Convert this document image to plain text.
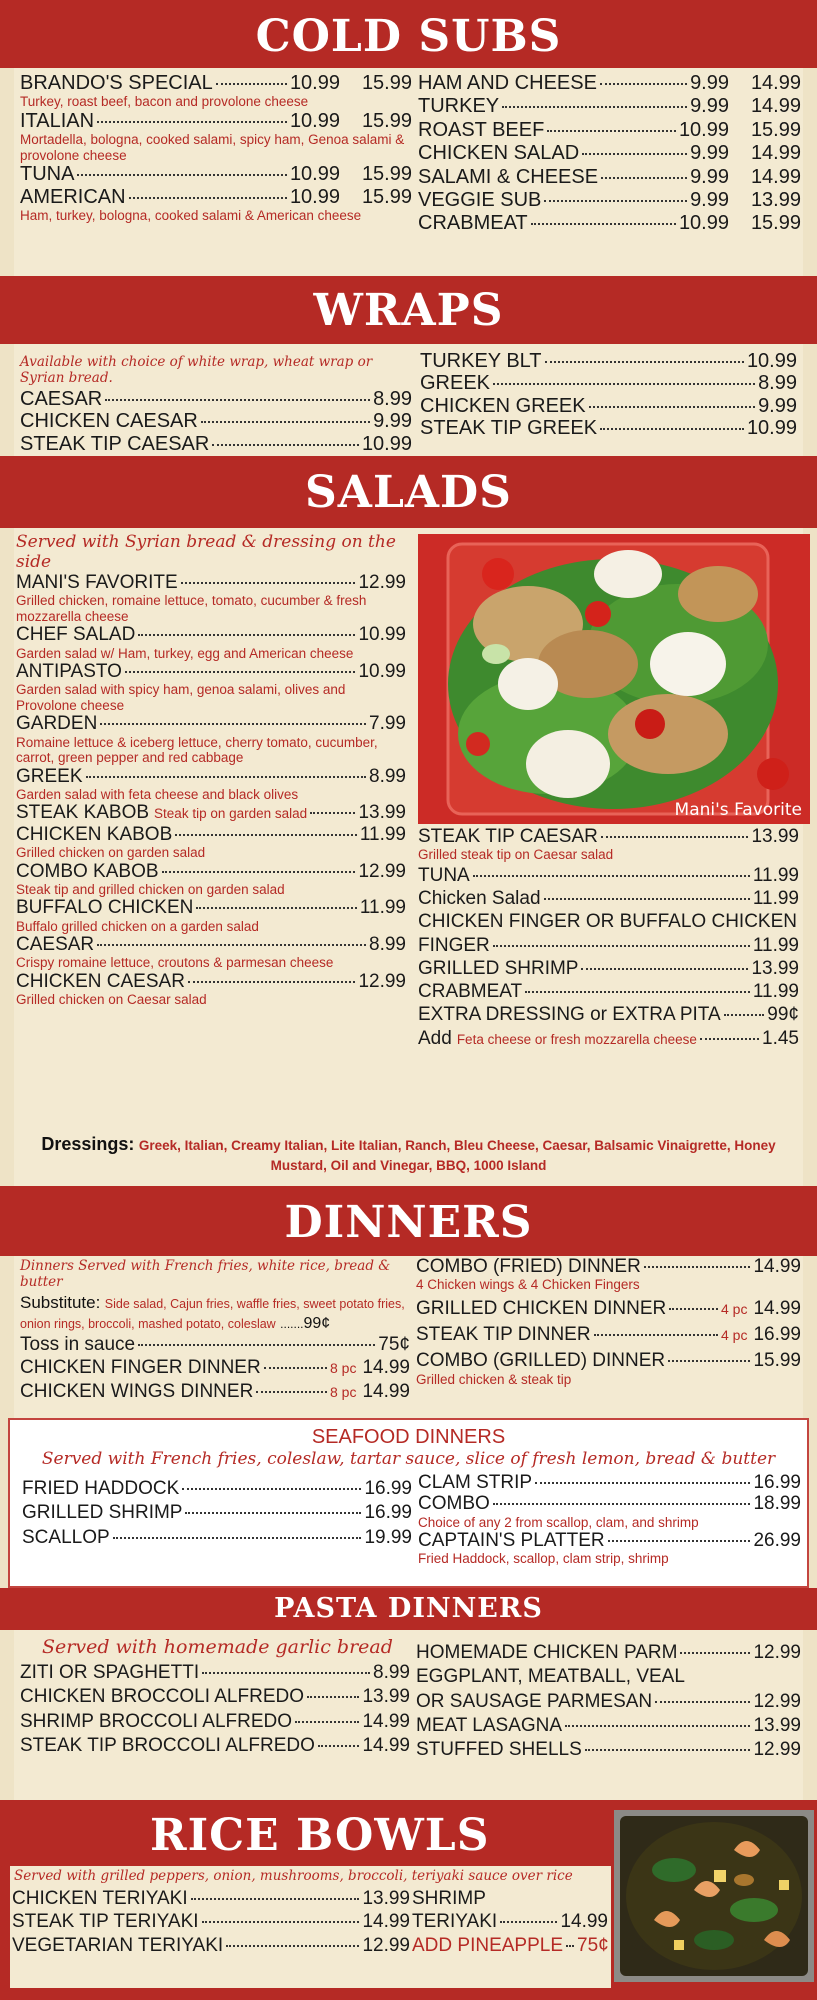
COLD SUBS
BRANDO'S SPECIAL	10.99	15.99
Turkey, roast beef, bacon and provolone cheese
ITALIAN	10.99	15.99
Mortadella, bologna, cooked salami, spicy ham, Genoa salami & provolone cheese
TUNA	10.99	15.99
AMERICAN	10.99	15.99
Ham, turkey, bologna, cooked salami & American cheese
HAM AND CHEESE	9.99	14.99
TURKEY	9.99	14.99
ROAST BEEF	10.99	15.99
CHICKEN SALAD	9.99	14.99
SALAMI & CHEESE	9.99	14.99
VEGGIE SUB	9.99	13.99
CRABMEAT	10.99	15.99
WRAPS
Available with choice of white wrap, wheat wrap or Syrian bread.
CAESAR	8.99
CHICKEN CAESAR	9.99
STEAK TIP CAESAR	10.99
TURKEY BLT	10.99
GREEK	8.99
CHICKEN GREEK	9.99
STEAK TIP GREEK	10.99
SALADS
Served with Syrian bread & dressing on the side
MANI'S FAVORITE	12.99
Grilled chicken, romaine lettuce, tomato, cucumber & fresh mozzarella cheese
CHEF SALAD	10.99
Garden salad w/ Ham, turkey, egg and American cheese
ANTIPASTO	10.99
Garden salad with spicy ham, genoa salami, olives and Provolone cheese
GARDEN	7.99
Romaine lettuce & iceberg lettuce, cherry tomato, cucumber, carrot, green pepper and red cabbage
GREEK	8.99
Garden salad with feta cheese and black olives
STEAK KABOB Steak tip on garden salad	13.99
CHICKEN KABOB	11.99
Grilled chicken on garden salad
COMBO KABOB	12.99
Steak tip and grilled chicken on garden salad
BUFFALO CHICKEN	11.99
Buffalo grilled chicken on a garden salad
CAESAR	8.99
Crispy romaine lettuce, croutons & parmesan cheese
CHICKEN CAESAR	12.99
Grilled chicken on Caesar salad
Mani's Favorite
STEAK TIP CAESAR	13.99
Grilled steak tip on Caesar salad
TUNA	11.99
Chicken Salad	11.99
CHICKEN FINGER OR BUFFALO CHICKEN
FINGER	11.99
GRILLED SHRIMP	13.99
CRABMEAT	11.99
EXTRA DRESSING or EXTRA PITA 99¢
Add Feta cheese or fresh mozzarella cheese	1.45
Dressings: Greek, Italian, Creamy Italian, Lite Italian, Ranch, Bleu Cheese, Caesar, Balsamic Vinaigrette, Honey Mustard, Oil and Vinegar, BBQ, 1000 Island
DINNERS
Dinners Served with French fries, white rice, bread & butter
Substitute: Side salad, Cajun fries, waffle fries, sweet potato fries, onion rings, broccoli, mashed potato, coleslaw .......99¢
Toss in sauce	75¢
CHICKEN FINGER DINNER	8 pc 14.99
CHICKEN WINGS DINNER	8 pc 14.99
COMBO (FRIED) DINNER	14.99
4 Chicken wings & 4 Chicken Fingers
GRILLED CHICKEN DINNER	4 pc 14.99
STEAK TIP DINNER	4 pc 16.99
COMBO (GRILLED) DINNER	15.99
Grilled chicken & steak tip
SEAFOOD DINNERS
Served with French fries, coleslaw, tartar sauce, slice of fresh lemon, bread & butter
FRIED HADDOCK	16.99
GRILLED SHRIMP	16.99
SCALLOP	19.99
CLAM STRIP	16.99
COMBO	18.99
Choice of any 2 from scallop, clam, and shrimp
CAPTAIN'S PLATTER	26.99
Fried Haddock, scallop, clam strip, shrimp
PASTA DINNERS
Served with homemade garlic bread
ZITI OR SPAGHETTI	8.99
CHICKEN BROCCOLI ALFREDO	13.99
SHRIMP BROCCOLI ALFREDO	14.99
STEAK TIP BROCCOLI ALFREDO	14.99
HOMEMADE CHICKEN PARM	12.99
EGGPLANT, MEATBALL, VEAL
OR SAUSAGE PARMESAN	12.99
MEAT LASAGNA	13.99
STUFFED SHELLS	12.99
RICE BOWLS
Served with grilled peppers, onion, mushrooms, broccoli, teriyaki sauce over rice
CHICKEN TERIYAKI	13.99
STEAK TIP TERIYAKI	14.99
VEGETARIAN TERIYAKI	12.99
SHRIMP
TERIYAKI	14.99
ADD PINEAPPLE 75¢
